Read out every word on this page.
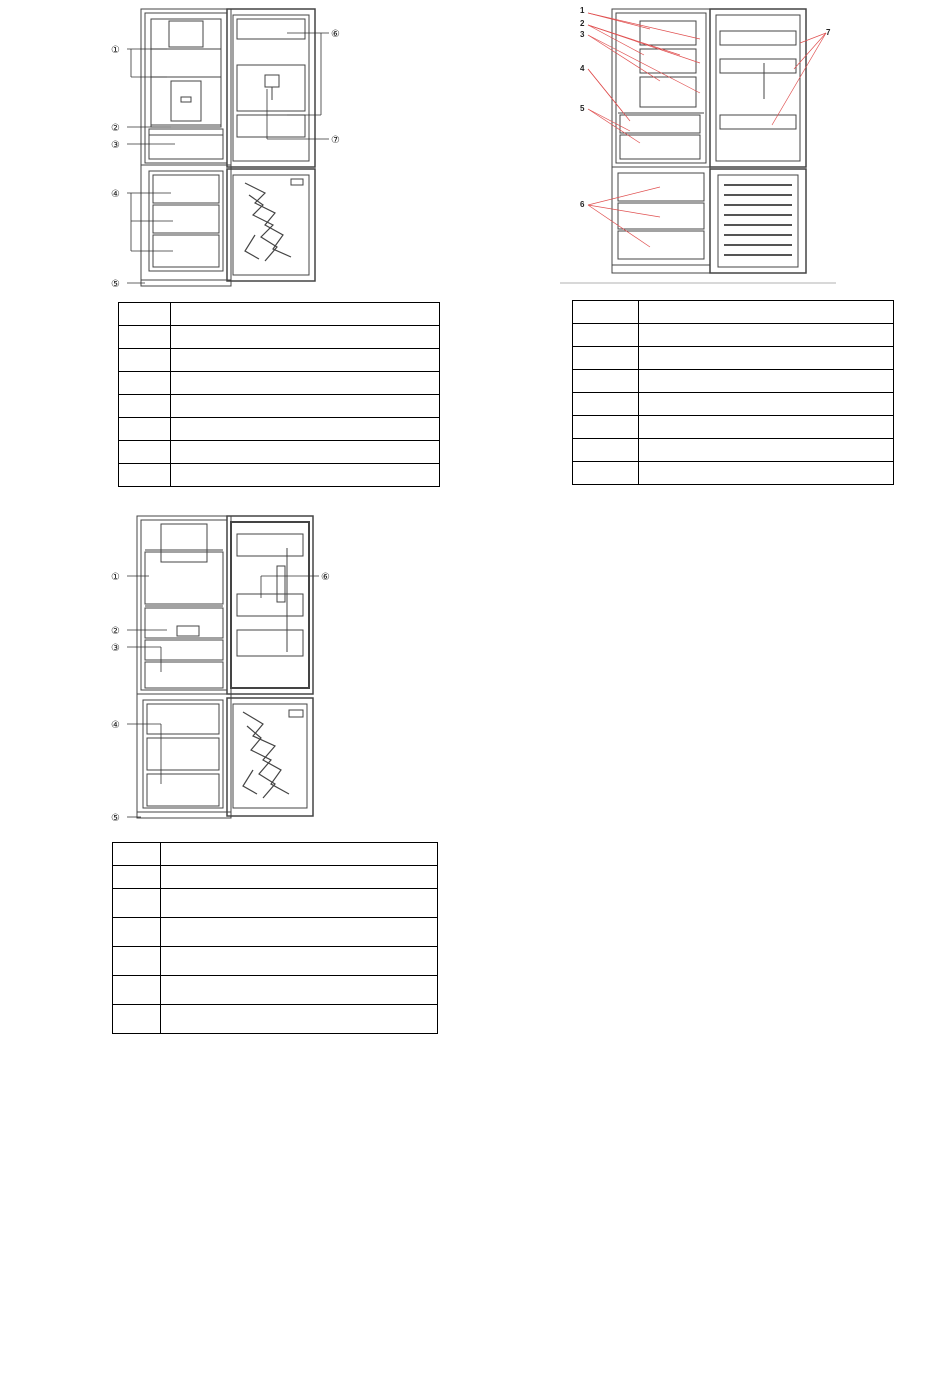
①
②
③
④
⑤
⑥
⑦
1
2
3
4
5
6
7

①
②
③
④
⑤
⑥
